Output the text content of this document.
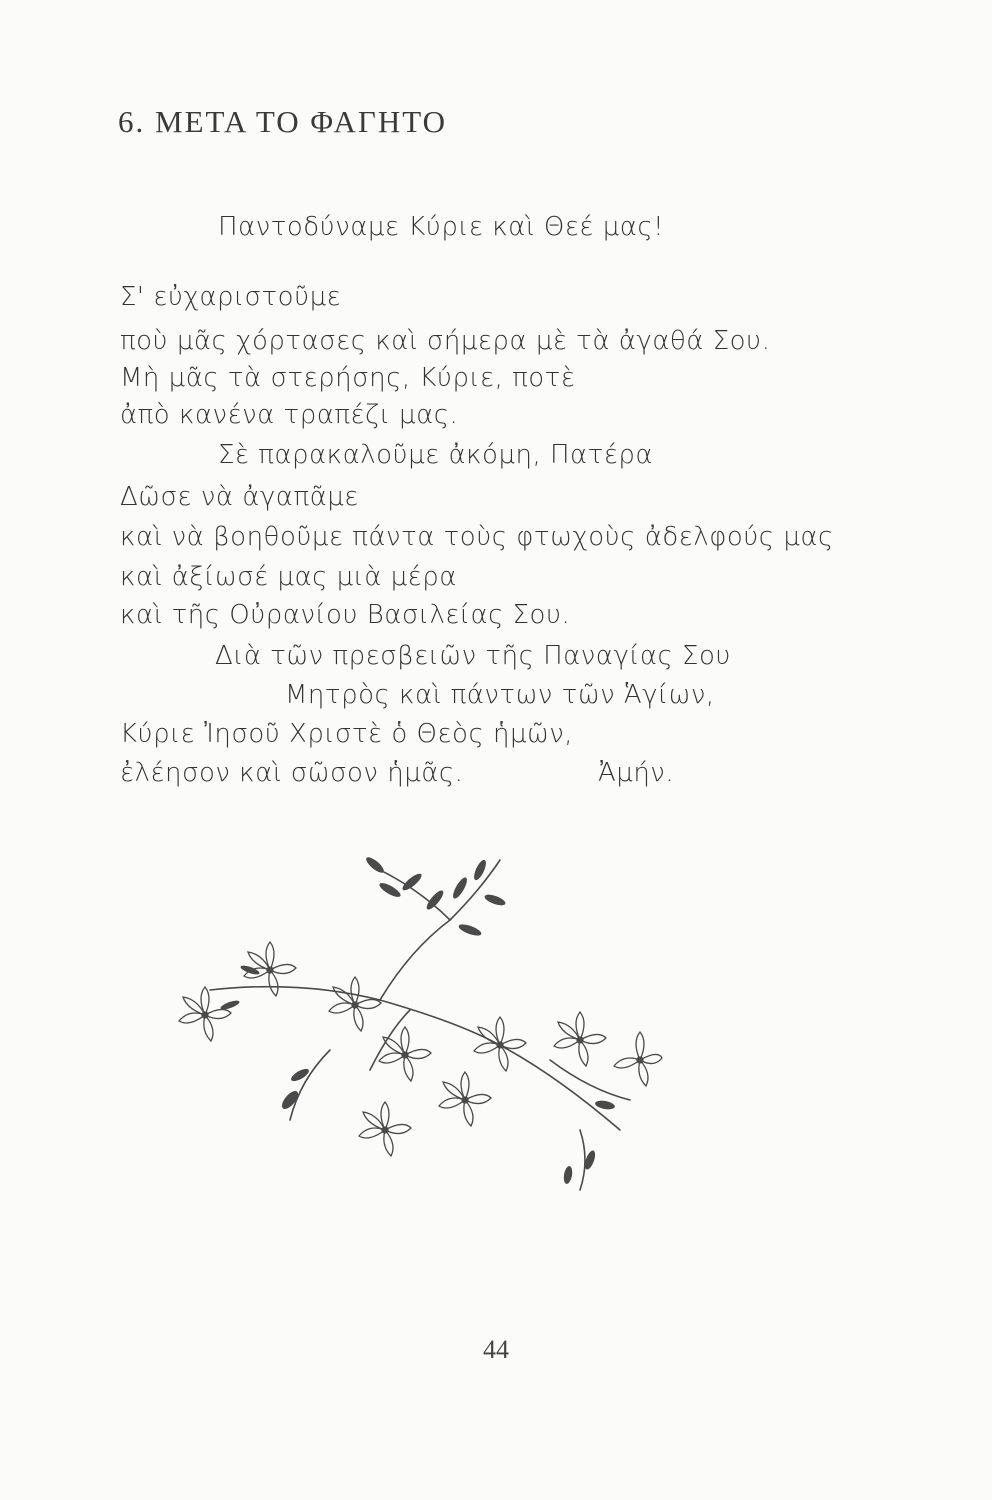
6. ΜΕΤΑ ΤΟ ΦΑΓΗΤΟ
Παντοδύναμε Κύριε καὶ Θεέ μας!
Σ' εὐχαριστοῦμε
ποὺ μᾶς χόρτασες καὶ σήμερα μὲ τὰ ἀγαθά Σου.
Μὴ μᾶς τὰ στερήσης, Κύριε, ποτὲ
ἀπὸ κανένα τραπέζι μας.
Σὲ παρακαλοῦμε ἀκόμη, Πατέρα
Δῶσε νὰ ἀγαπᾶμε
καὶ νὰ βοηθοῦμε πάντα τοὺς φτωχοὺς ἀδελφούς μας
καὶ ἀξίωσέ μας μιὰ μέρα
καὶ τῆς Οὐρανίου Βασιλείας Σου.
Διὰ τῶν πρεσβειῶν τῆς Παναγίας Σου
Μητρὸς καὶ πάντων τῶν Ἁγίων,
Κύριε Ἰησοῦ Χριστὲ ὁ Θεὸς ἡμῶν,
ἐλέησον καὶ σῶσον ἡμᾶς.	Ἀμήν.
44
